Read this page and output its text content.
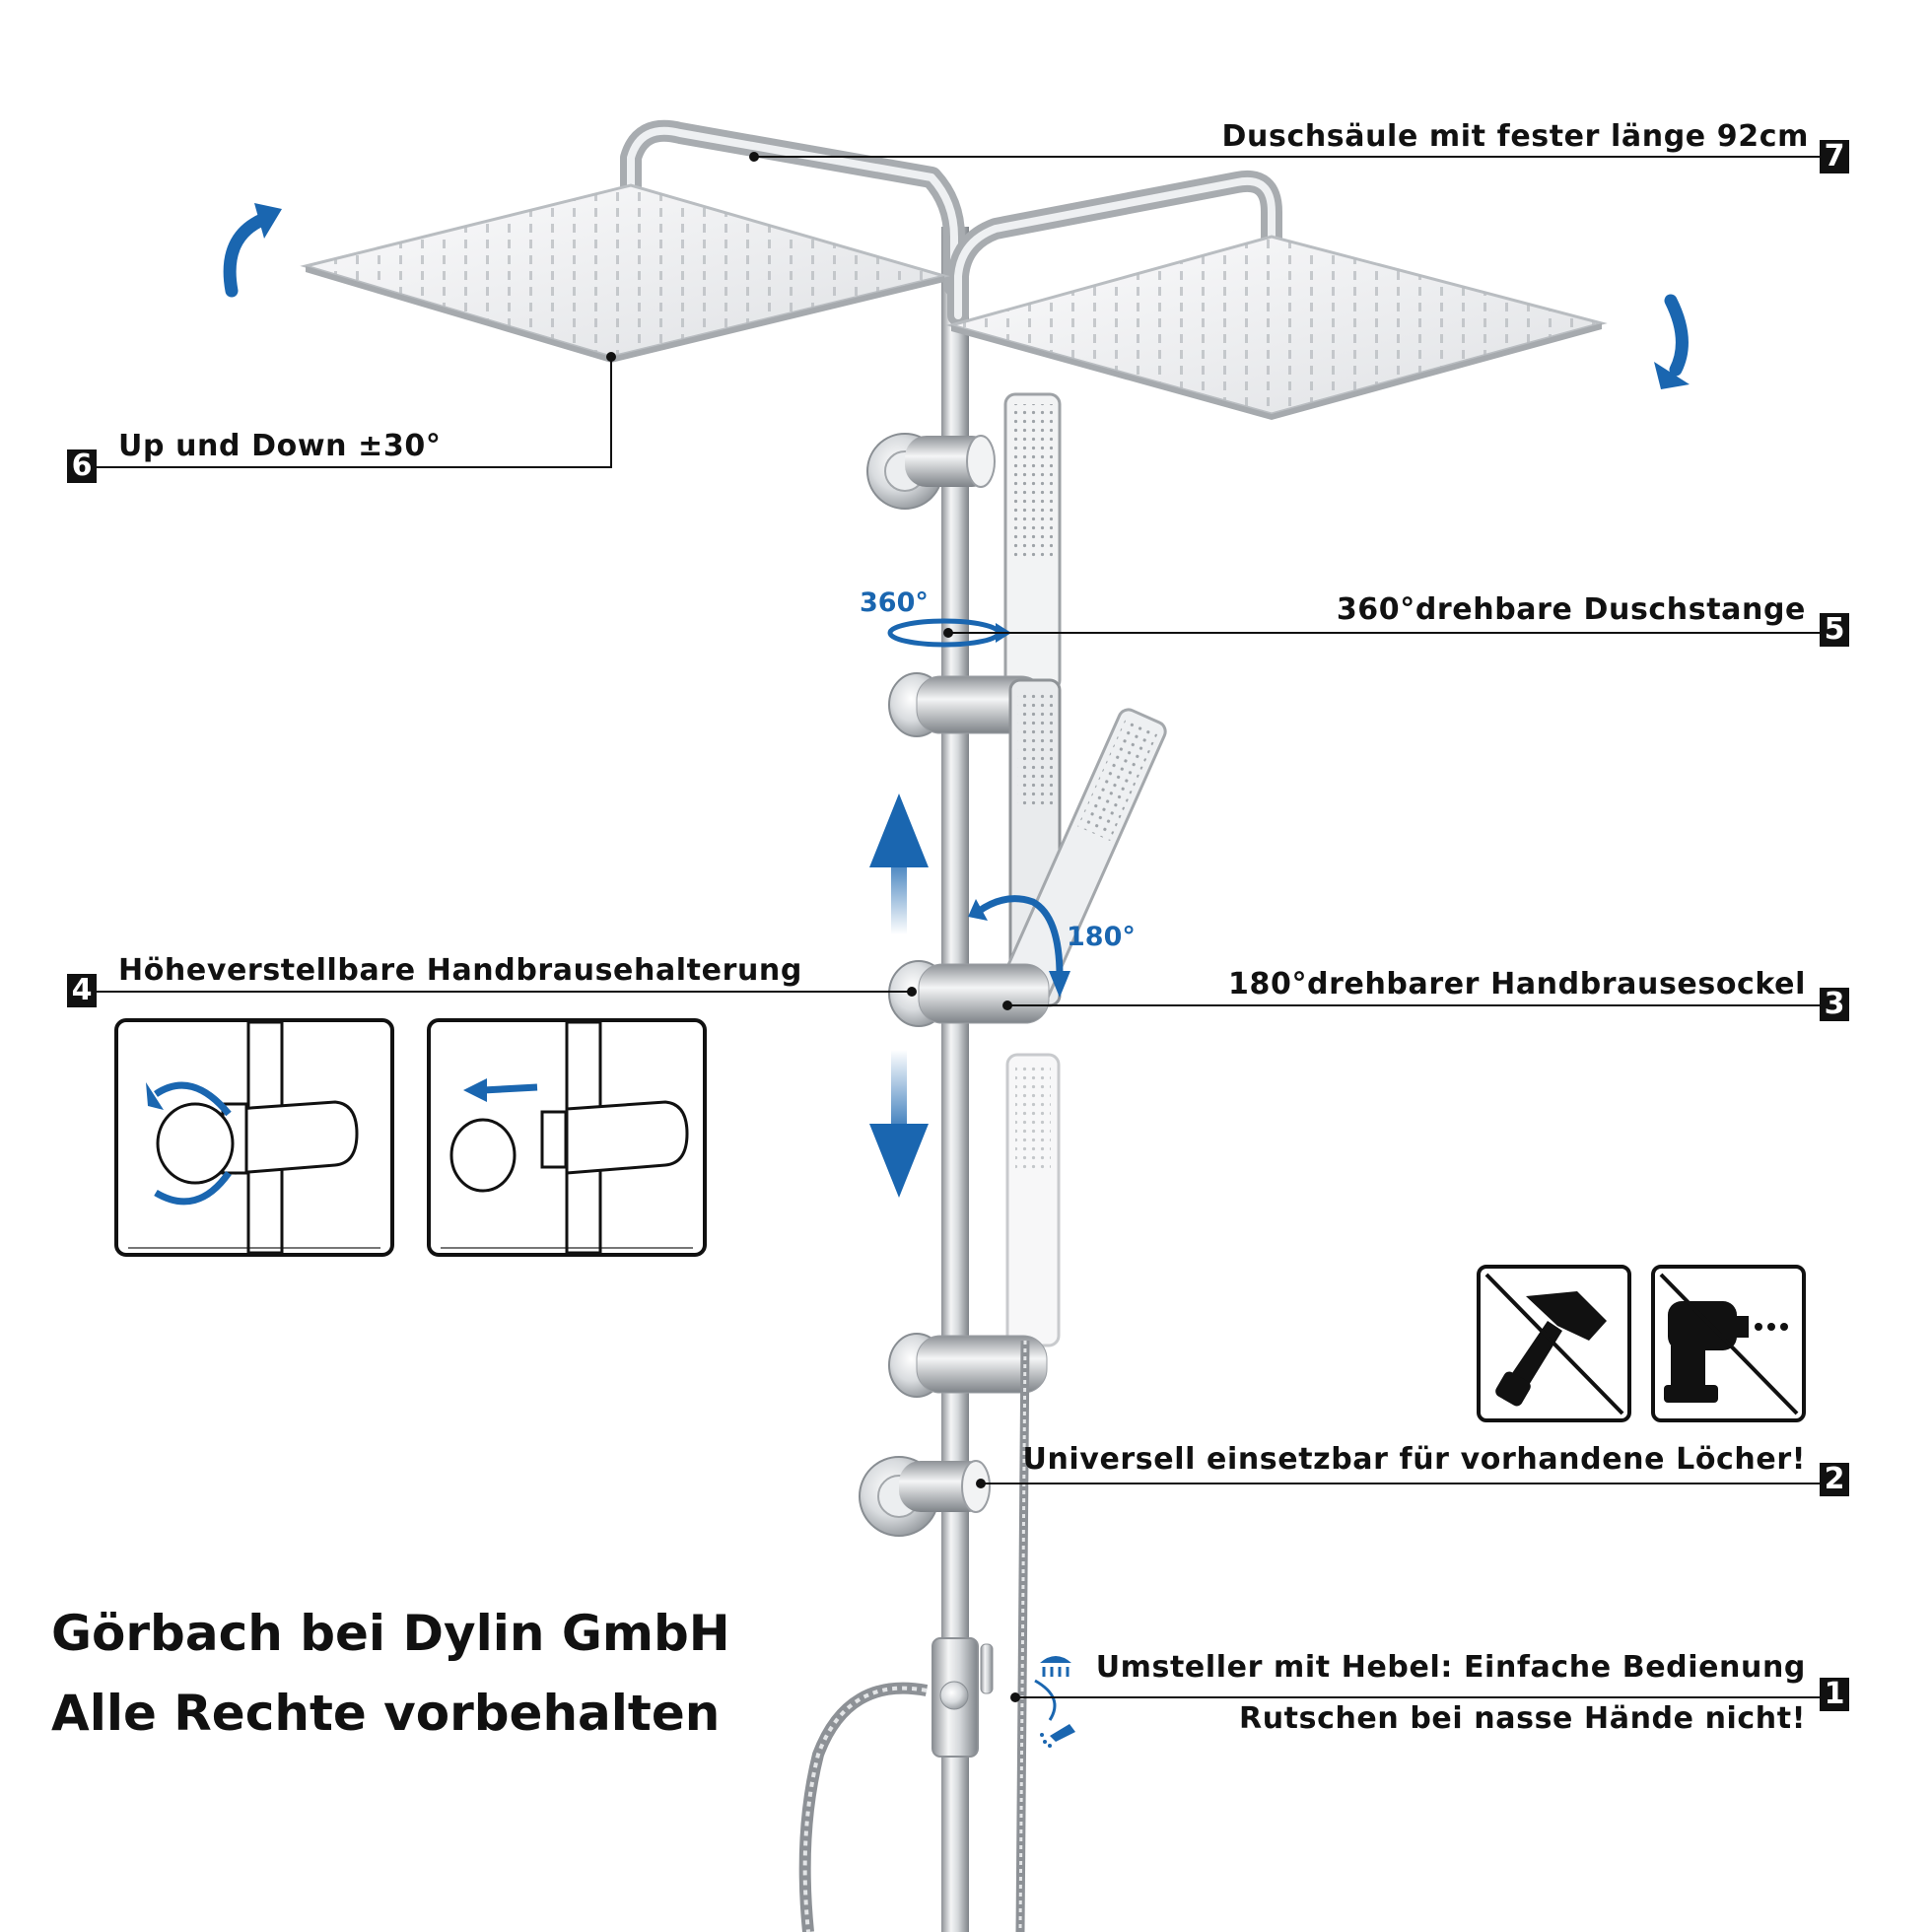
Duschsäule mit fester länge 92cm
7
Up und Down ±30°
6
360°	360°drehbare Duschstange
5
Höheverstellbare Handbrausehalterung
4
180°
180°drehbarer Handbrausesockel
3
Universell einsetzbar für vorhandene Löcher!
2
Umsteller mit Hebel: Einfache Bedienung
Rutschen bei nasse Hände nicht!
1
Görbach bei Dylin GmbH
Alle Rechte vorbehalten
